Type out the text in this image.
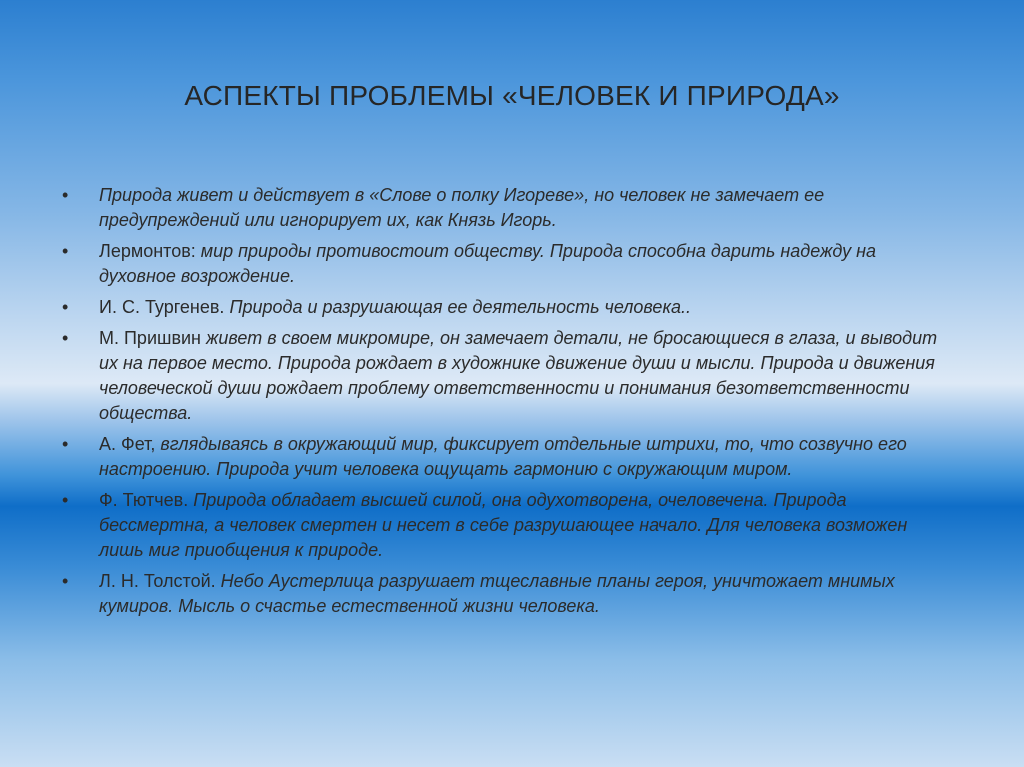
АСПЕКТЫ ПРОБЛЕМЫ «ЧЕЛОВЕК И ПРИРОДА»
• Природа живет и действует в «Слове о полку Игореве», но человек не замечает ее предупреждений или игнорирует их, как Князь Игорь.
• Лермонтов: мир природы противостоит обществу. Природа способна дарить надежду на духовное возрождение.
• И. С. Тургенев. Природа и разрушающая ее деятельность человека..
• М. Пришвин живет в своем микромире, он замечает детали, не бросающиеся в глаза, и выводит их на первое место. Природа рождает в художнике движение души и мысли. Природа и движения человеческой души рождает проблему ответственности и понимания безответственности общества.
• А. Фет, вглядываясь в окружающий мир, фиксирует отдельные штрихи, то, что созвучно его настроению. Природа учит человека ощущать гармонию с окружающим миром.
• Ф. Тютчев. Природа обладает высшей силой, она одухотворена, очеловечена. Природа бессмертна, а человек смертен и несет в себе разрушающее начало. Для человека возможен лишь миг приобщения к природе.
• Л. Н. Толстой. Небо Аустерлица разрушает тщеславные планы героя, уничтожает мнимых кумиров. Мысль о счастье естественной жизни человека.
